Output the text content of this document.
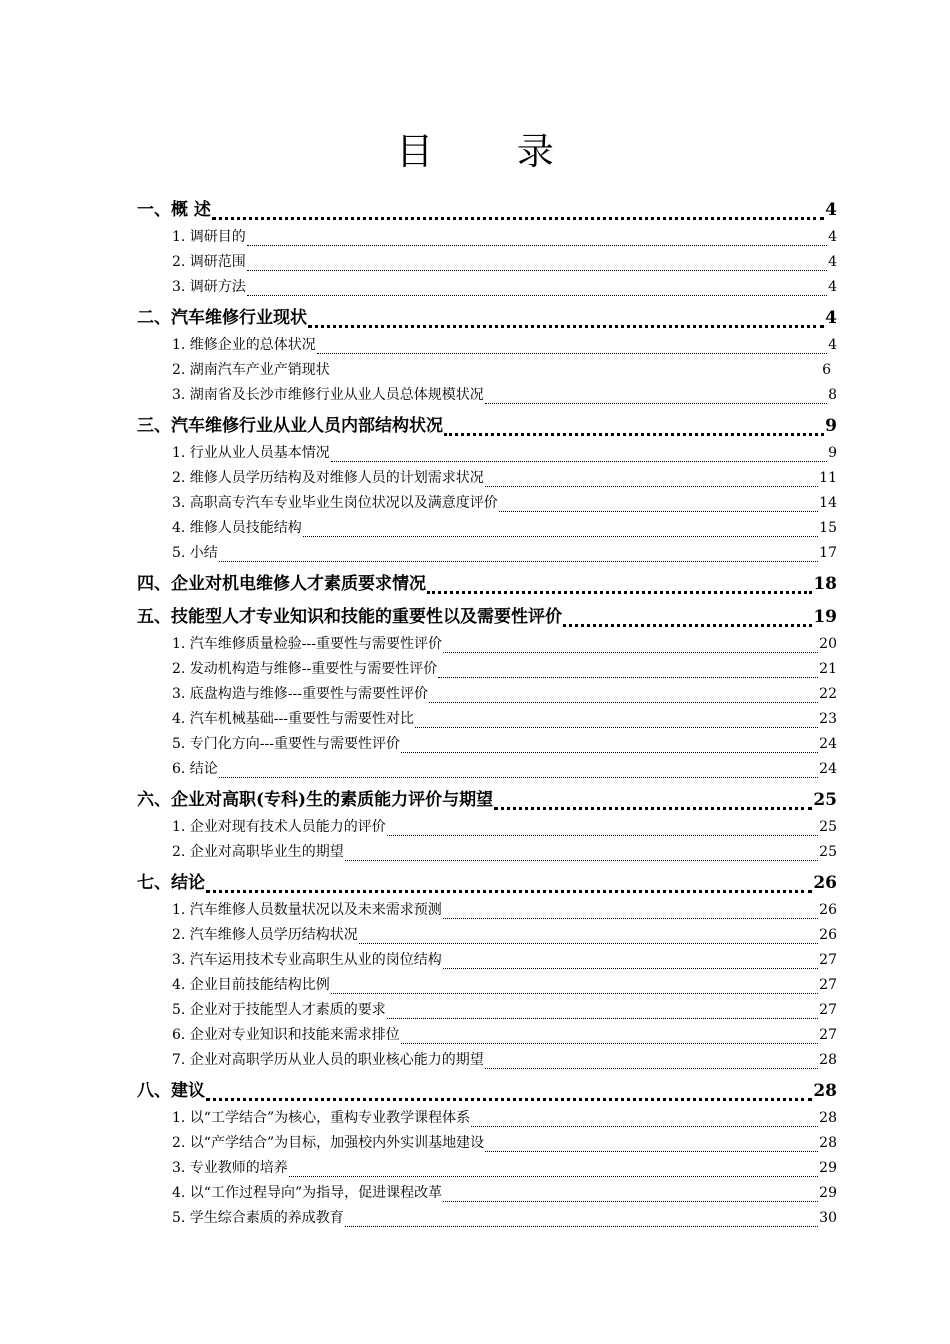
目 录
一、概 述	4
1. 调研目的	4
2. 调研范围	4
3. 调研方法	4
二、汽车维修行业现状	4
1. 维修企业的总体状况	4
2. 湖南汽车产业产销现状	6
3. 湖南省及长沙市维修行业从业人员总体规模状况	8
三、汽车维修行业从业人员内部结构状况	9
1. 行业从业人员基本情况	9
2. 维修人员学历结构及对维修人员的计划需求状况	11
3. 高职高专汽车专业毕业生岗位状况以及满意度评价	14
4. 维修人员技能结构	15
5. 小结	17
四、企业对机电维修人才素质要求情况	18
五、技能型人才专业知识和技能的重要性以及需要性评价	19
1. 汽车维修质量检验---重要性与需要性评价	20
2. 发动机构造与维修--重要性与需要性评价	21
3. 底盘构造与维修---重要性与需要性评价	22
4. 汽车机械基础---重要性与需要性对比	23
5. 专门化方向---重要性与需要性评价	24
6. 结论	24
六、企业对高职(专科)生的素质能力评价与期望	25
1. 企业对现有技术人员能力的评价	25
2. 企业对高职毕业生的期望	25
七、结论	26
1. 汽车维修人员数量状况以及未来需求预测	26
2. 汽车维修人员学历结构状况	26
3. 汽车运用技术专业高职生从业的岗位结构	27
4. 企业目前技能结构比例	27
5. 企业对于技能型人才素质的要求	27
6. 企业对专业知识和技能来需求排位	27
7. 企业对高职学历从业人员的职业核心能力的期望	28
八、建议	28
1. 以“工学结合”为核心，重构专业教学课程体系	28
2. 以“产学结合”为目标，加强校内外实训基地建设	28
3. 专业教师的培养	29
4. 以“工作过程导向”为指导，促进课程改革	29
5. 学生综合素质的养成教育	30
